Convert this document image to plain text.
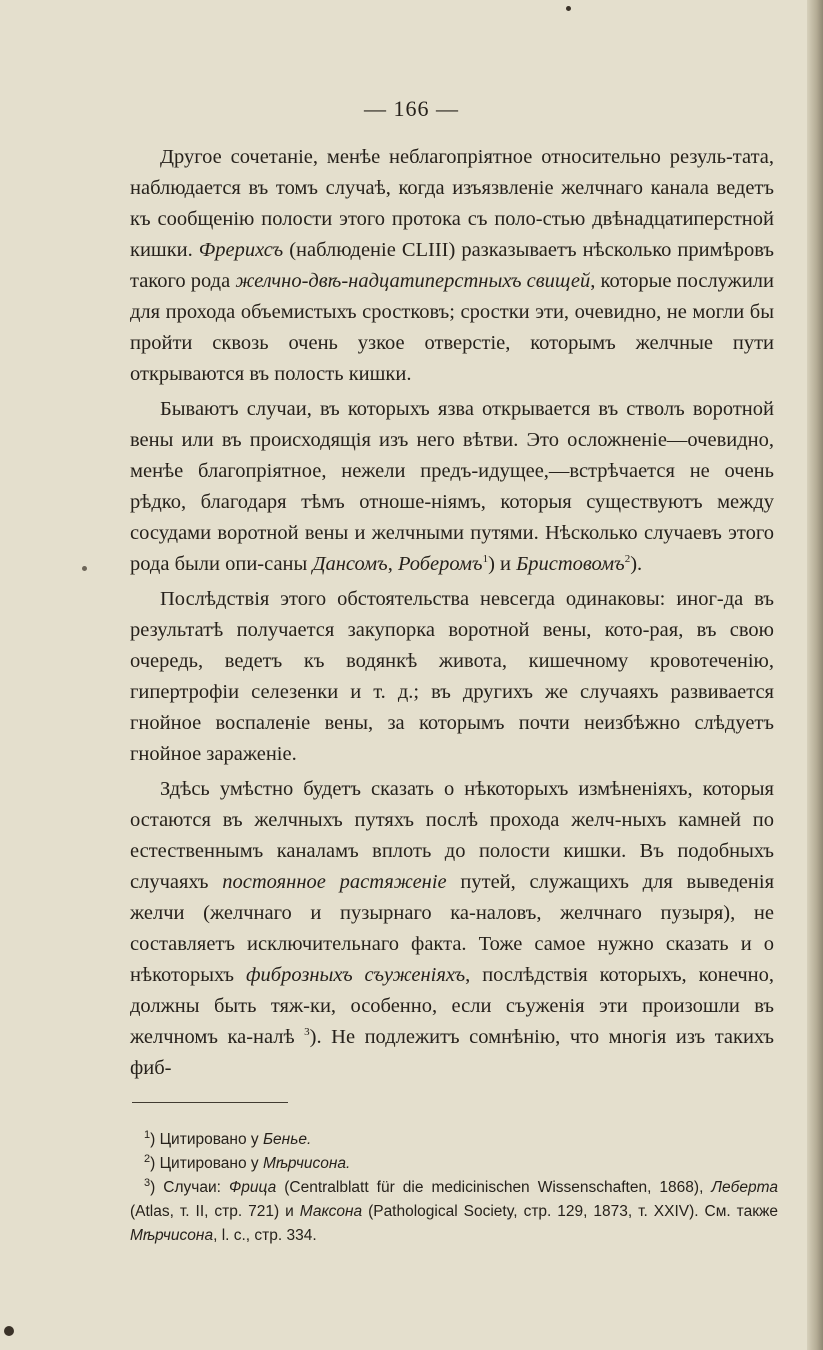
— 166 —

Другое сочетаніе, менѣе неблагопріятное относительно резуль-тата, наблюдается въ томъ случаѣ, когда изъязвленіе желчнаго канала ведетъ къ сообщенію полости этого протока съ поло-стью двѣнадцатиперстной кишки. Фрерихсъ (наблюденіе CLIII) разказываетъ нѣсколько примѣровъ такого рода желчно-двѣ-надцатиперстныхъ свищей, которые послужили для прохода объемистыхъ сростковъ; сростки эти, очевидно, не могли бы пройти сквозь очень узкое отверстіе, которымъ желчные пути открываются въ полость кишки.

Бываютъ случаи, въ которыхъ язва открывается въ стволъ воротной вены или въ происходящія изъ него вѣтви. Это осложненіе—очевидно, менѣе благопріятное, нежели предъ-идущее,—встрѣчается не очень рѣдко, благодаря тѣмъ отноше-ніямъ, которыя существуютъ между сосудами воротной вены и желчными путями. Нѣсколько случаевъ этого рода были опи-саны Дансомъ, Роберомъ$^1$) и Бристовомъ$^2$).

Послѣдствія этого обстоятельства невсегда одинаковы: иног-да въ результатѣ получается закупорка воротной вены, кото-рая, въ свою очередь, ведетъ къ водянкѣ живота, кишечному кровотеченію, гипертрофіи селезенки и т. д.; въ другихъ же случаяхъ развивается гнойное воспаленіе вены, за которымъ почти неизбѣжно слѣдуетъ гнойное зараженіе.

Здѣсь умѣстно будетъ сказать о нѣкоторыхъ измѣненіяхъ, которыя остаются въ желчныхъ путяхъ послѣ прохода желч-ныхъ камней по естественнымъ каналамъ вплоть до полости кишки. Въ подобныхъ случаяхъ постоянное растяженіе путей, служащихъ для выведенія желчи (желчнаго и пузырнаго ка-наловъ, желчнаго пузыря), не составляетъ исключительнаго факта. Тоже самое нужно сказать и о нѣкоторыхъ фиброзныхъ съуженіяхъ, послѣдствія которыхъ, конечно, должны быть тяж-ки, особенно, если съуженія эти произошли въ желчномъ ка-налѣ $^3$). Не подлежитъ сомнѣнію, что многія изъ такихъ фиб-

$^1$) Цитировано у Беньe.
$^2$) Цитировано у Мѣрчисона.
$^3$) Случаи: Фрица (Centralblatt für die medicinischen Wissenschaften, 1868), Леберта (Atlas, т. II, стр. 721) и Максона (Pathological Society, стр. 129, 1873, т. XXIV). См. также Мѣрчисона, l. c., стр. 334.
